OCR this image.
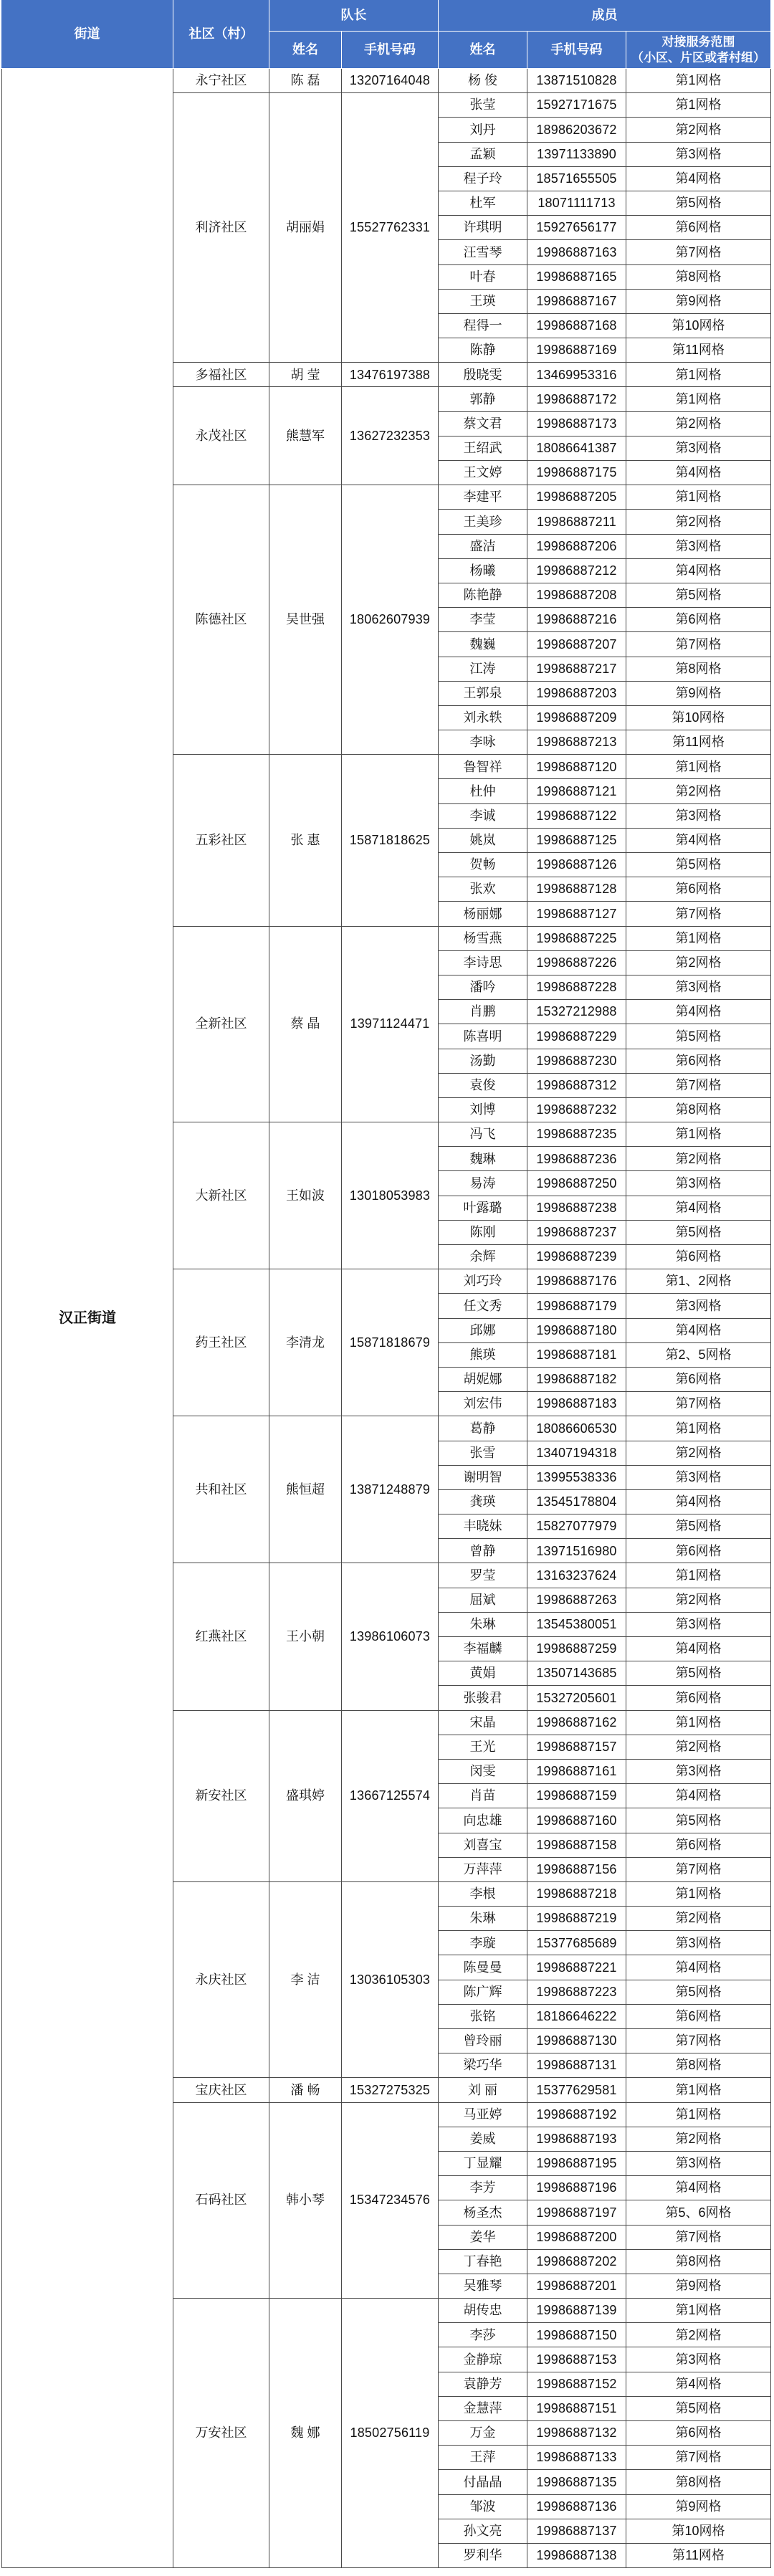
街道	社区（村）
队长	成员
姓名	手机号码	姓名	手机号码
对接服务范围
（小区、片区或者村组）
汉正街道
永宁社区	陈 磊	13207164048	杨 俊	13871510828	第1网格
利济社区	胡丽娟	15527762331
张莹	15927171675	第1网格
刘丹	18986203672	第2网格
孟颖	13971133890	第3网格
程子玲	18571655505	第4网格
杜军	18071111713	第5网格
许琪明	15927656177	第6网格
汪雪琴	19986887163	第7网格
叶春	19986887165	第8网格
王瑛	19986887167	第9网格
程得一	19986887168	第10网格
陈静	19986887169	第11网格
多福社区	胡 莹	13476197388	殷晓雯	13469953316	第1网格
永茂社区	熊慧军	13627232353
郭静	19986887172	第1网格
蔡文君	19986887173	第2网格
王绍武	18086641387	第3网格
王文婷	19986887175	第4网格
陈德社区	吴世强	18062607939
李建平	19986887205	第1网格
王美珍	19986887211	第2网格
盛洁	19986887206	第3网格
杨曦	19986887212	第4网格
陈艳静	19986887208	第5网格
李莹	19986887216	第6网格
魏巍	19986887207	第7网格
江涛	19986887217	第8网格
王郭泉	19986887203	第9网格
刘永轶	19986887209	第10网格
李咏	19986887213	第11网格
五彩社区	张 惠	15871818625
鲁智祥	19986887120	第1网格
杜仲	19986887121	第2网格
李诚	19986887122	第3网格
姚岚	19986887125	第4网格
贺畅	19986887126	第5网格
张欢	19986887128	第6网格
杨丽娜	19986887127	第7网格
全新社区	蔡 晶	13971124471
杨雪燕	19986887225	第1网格
李诗思	19986887226	第2网格
潘吟	19986887228	第3网格
肖鹏	15327212988	第4网格
陈喜明	19986887229	第5网格
汤勤	19986887230	第6网格
袁俊	19986887312	第7网格
刘博	19986887232	第8网格
大新社区	王如波	13018053983
冯飞	19986887235	第1网格
魏琳	19986887236	第2网格
易涛	19986887250	第3网格
叶露璐	19986887238	第4网格
陈刚	19986887237	第5网格
余辉	19986887239	第6网格
药王社区	李清龙	15871818679
刘巧玲	19986887176	第1、2网格
任文秀	19986887179	第3网格
邱娜	19986887180	第4网格
熊瑛	19986887181	第2、5网格
胡妮娜	19986887182	第6网格
刘宏伟	19986887183	第7网格
共和社区	熊恒超	13871248879
葛静	18086606530	第1网格
张雪	13407194318	第2网格
谢明智	13995538336	第3网格
龚瑛	13545178804	第4网格
丰晓妹	15827077979	第5网格
曾静	13971516980	第6网格
红燕社区	王小朝	13986106073
罗莹	13163237624	第1网格
屈斌	19986887263	第2网格
朱琳	13545380051	第3网格
李福麟	19986887259	第4网格
黄娟	13507143685	第5网格
张骏君	15327205601	第6网格
新安社区	盛琪婷	13667125574
宋晶	19986887162	第1网格
王光	19986887157	第2网格
闵雯	19986887161	第3网格
肖苗	19986887159	第4网格
向忠雄	19986887160	第5网格
刘喜宝	19986887158	第6网格
万萍萍	19986887156	第7网格
永庆社区	李 洁	13036105303
李根	19986887218	第1网格
朱琳	19986887219	第2网格
李璇	15377685689	第3网格
陈曼曼	19986887221	第4网格
陈广辉	19986887223	第5网格
张铭	18186646222	第6网格
曾玲丽	19986887130	第7网格
梁巧华	19986887131	第8网格
宝庆社区	潘 畅	15327275325	刘 丽	15377629581	第1网格
石码社区	韩小琴	15347234576
马亚婷	19986887192	第1网格
姜威	19986887193	第2网格
丁显耀	19986887195	第3网格
李芳	19986887196	第4网格
杨圣杰	19986887197	第5、6网格
姜华	19986887200	第7网格
丁春艳	19986887202	第8网格
吴雅琴	19986887201	第9网格
万安社区	魏 娜	18502756119
胡传忠	19986887139	第1网格
李莎	19986887150	第2网格
金静琼	19986887153	第3网格
袁静芳	19986887152	第4网格
金慧萍	19986887151	第5网格
万金	19986887132	第6网格
王萍	19986887133	第7网格
付晶晶	19986887135	第8网格
邹波	19986887136	第9网格
孙文亮	19986887137	第10网格
罗利华	19986887138	第11网格
